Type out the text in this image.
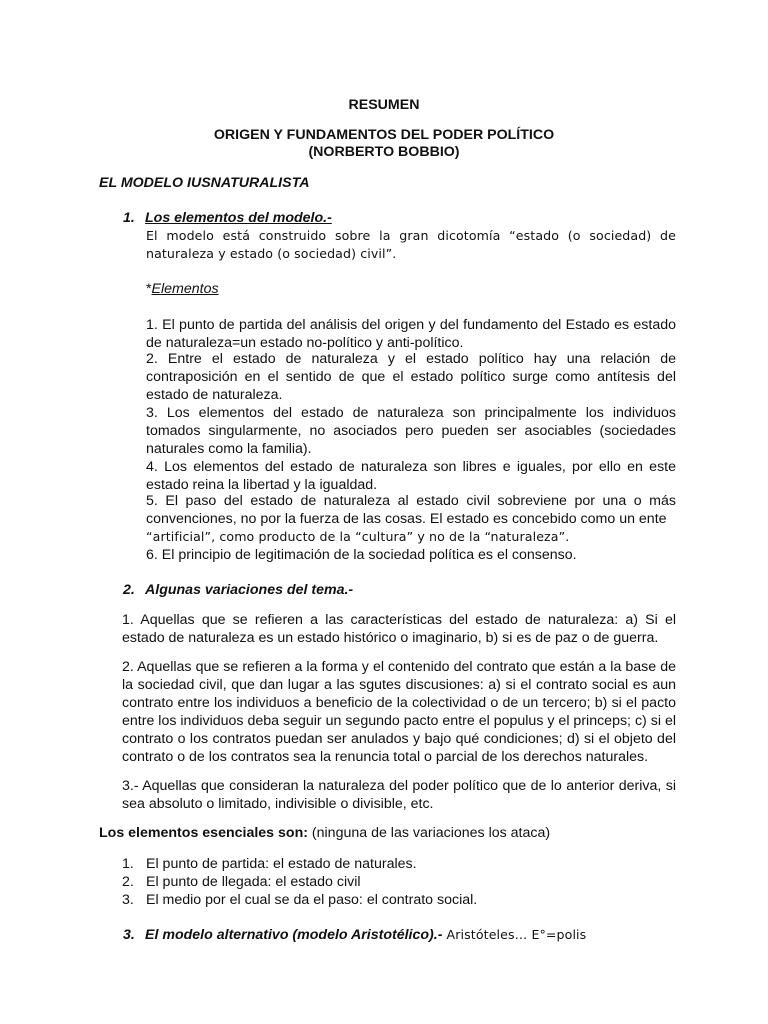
RESUMEN
ORIGEN Y FUNDAMENTOS DEL PODER POLÍTICO
(NORBERTO BOBBIO)
EL MODELO IUSNATURALISTA
1. Los elementos del modelo.-

El modelo está construido sobre la gran dicotomía “estado (o sociedad) de naturaleza y estado (o sociedad) civil”.

*Elementos

1. El punto de partida del análisis del origen y del fundamento del Estado es estado de naturaleza=un estado no-político y anti-político.

2. Entre el estado de naturaleza y el estado político hay una relación de contraposición en el sentido de que el estado político surge como antítesis del estado de naturaleza.

3. Los elementos del estado de naturaleza son principalmente los individuos tomados singularmente, no asociados pero pueden ser asociables (sociedades naturales como la familia).

4. Los elementos del estado de naturaleza son libres e iguales, por ello en este estado reina la libertad y la igualdad.

5. El paso del estado de naturaleza al estado civil sobreviene por una o más convenciones, no por la fuerza de las cosas. El estado es concebido como un ente

“artificial”, como producto de la “cultura” y no de la “naturaleza”.

6. El principio de legitimación de la sociedad política es el consenso.

2. Algunas variaciones del tema.-

1. Aquellas que se refieren a las características del estado de naturaleza: a) Si el estado de naturaleza es un estado histórico o imaginario, b) si es de paz o de guerra.

2. Aquellas que se refieren a la forma y el contenido del contrato que están a la base de la sociedad civil, que dan lugar a las sgutes discusiones: a) si el contrato social es aun contrato entre los individuos a beneficio de la colectividad o de un tercero; b) si el pacto entre los individuos deba seguir un segundo pacto entre el populus y el princeps; c) si el contrato o los contratos puedan ser anulados y bajo qué condiciones; d) si el objeto del contrato o de los contratos sea la renuncia total o parcial de los derechos naturales.

3.- Aquellas que consideran la naturaleza del poder político que de lo anterior deriva, si sea absoluto o limitado, indivisible o divisible, etc.

Los elementos esenciales son: (ninguna de las variaciones los ataca)
1. El punto de partida: el estado de naturales.
2. El punto de llegada: el estado civil
3. El medio por el cual se da el paso: el contrato social.
3. El modelo alternativo (modelo Aristotélico).- Aristóteles… E°=polis
